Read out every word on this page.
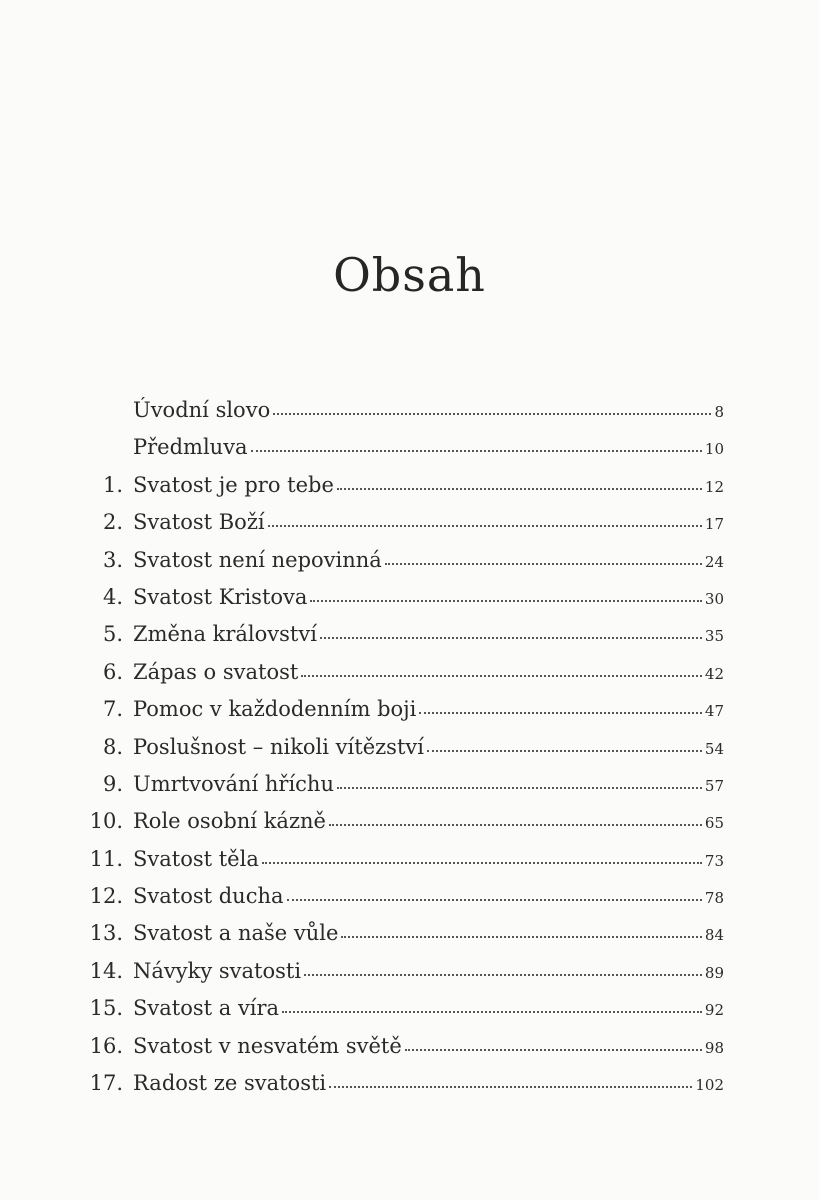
Obsah
Úvodní slovo	8
Předmluva	10
1. Svatost je pro tebe	12
2. Svatost Boží	17
3. Svatost není nepovinná	24
4. Svatost Kristova	30
5. Změna království	35
6. Zápas o svatost	42
7. Pomoc v každodenním boji	47
8. Poslušnost – nikoli vítězství	54
9. Umrtvování hříchu	57
10. Role osobní kázně	65
11. Svatost těla	73
12. Svatost ducha	78
13. Svatost a naše vůle	84
14. Návyky svatosti	89
15. Svatost a víra	92
16. Svatost v nesvatém světě	98
17. Radost ze svatosti	102
